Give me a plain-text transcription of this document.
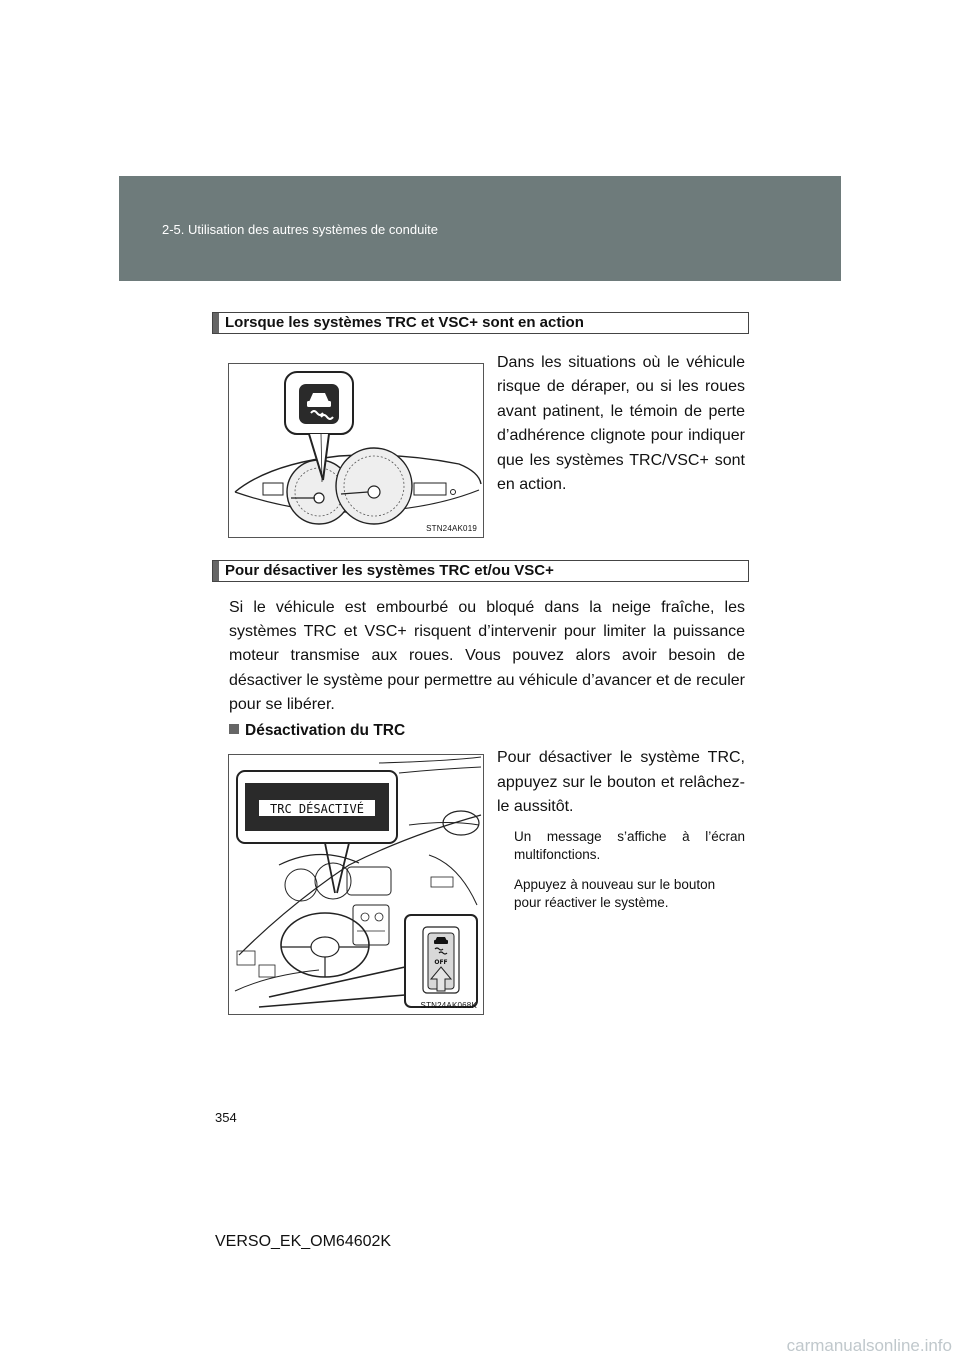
2-5. Utilisation des autres systèmes de conduite
Lorsque les systèmes TRC et VSC+ sont en action
STN24AK019
Dans les situations où le véhicule risque de déraper, ou si les roues avant patinent, le témoin de perte d’adhérence clignote pour indiquer que les systèmes TRC/VSC+ sont en action.
Pour désactiver les systèmes TRC et/ou VSC+
Si le véhicule est embourbé ou bloqué dans la neige fraîche, les systèmes TRC et VSC+ risquent d’intervenir pour limiter la puissance moteur transmise aux roues. Vous pouvez alors avoir besoin de désactiver le système pour permettre au véhicule d’avancer et de reculer pour se libérer.
Désactivation du TRC
TRC DÉSACTIVÉ
OFF
STN24AK068K
Pour désactiver le système TRC, appuyez sur le bouton et relâchez-le aussitôt.
Un message s’affiche à l’écran multifonctions.
Appuyez à nouveau sur le bouton pour réactiver le système.
354
VERSO_EK_OM64602K
carmanualsonline.info
